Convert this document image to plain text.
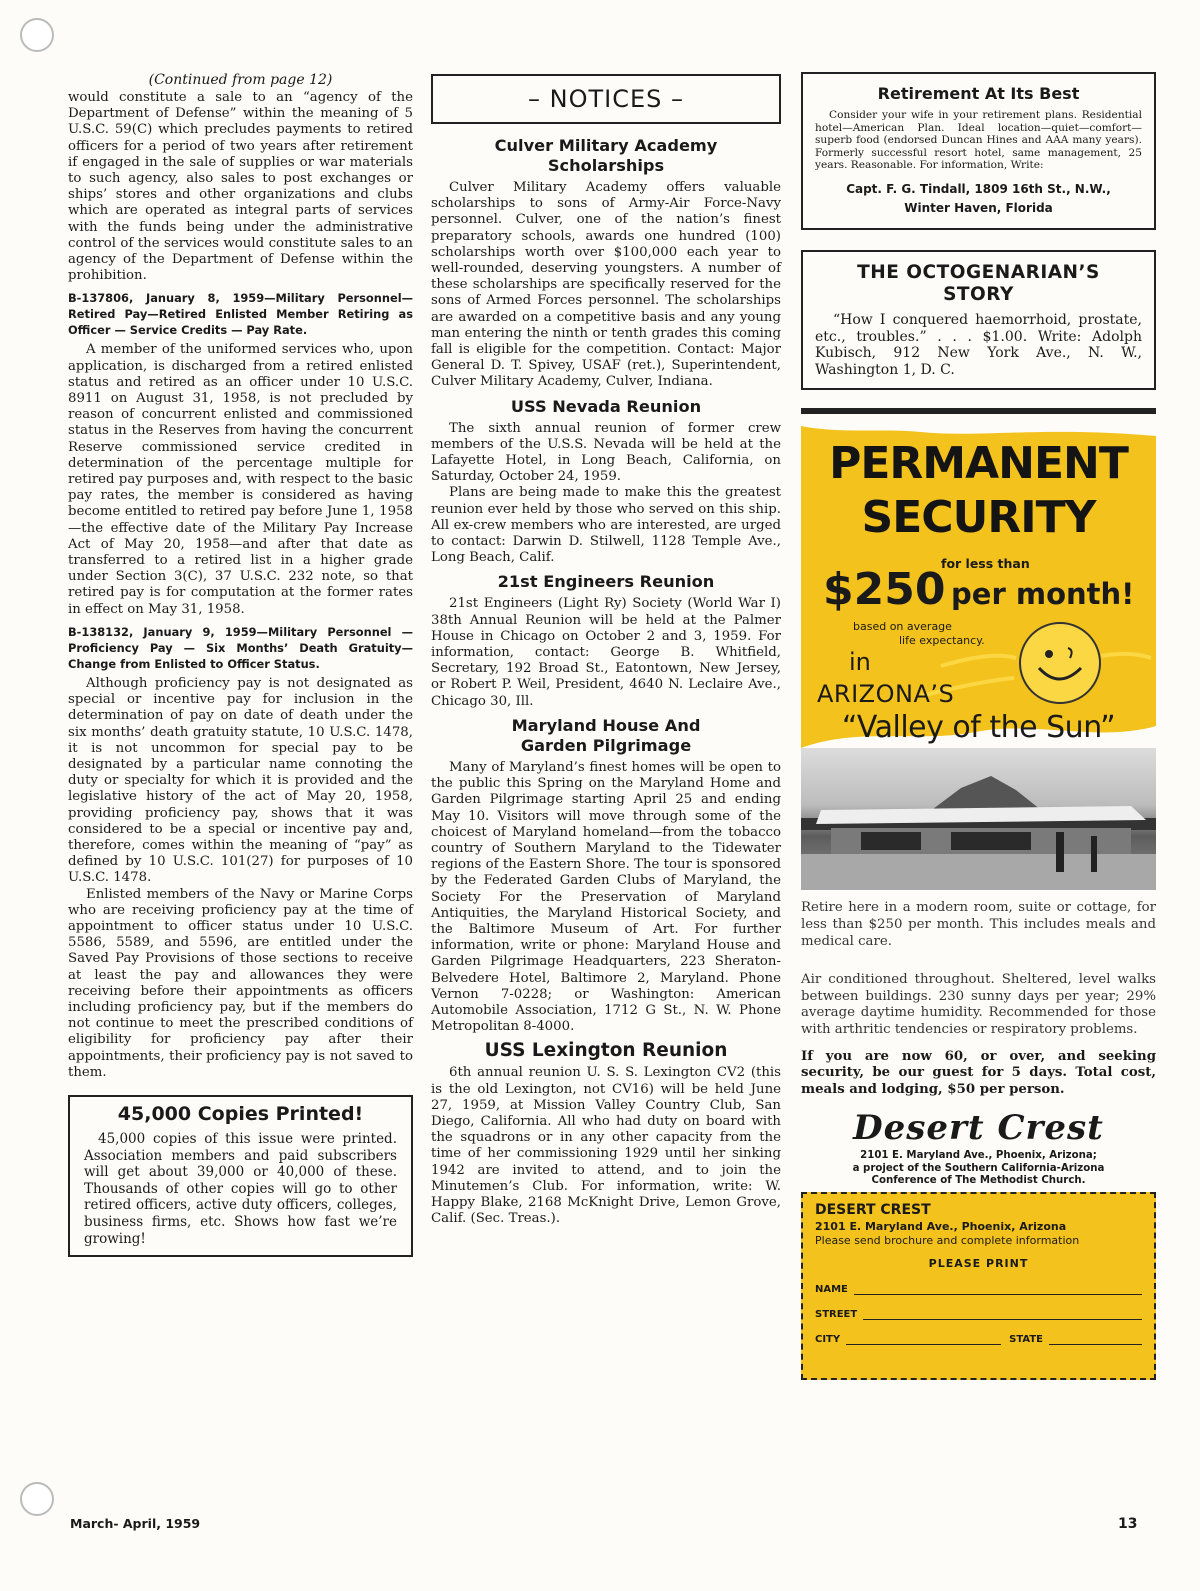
(Continued from page 12)

would constitute a sale to an “agency of the Department of Defense” within the meaning of 5 U.S.C. 59(C) which precludes payments to retired officers for a period of two years after retirement if engaged in the sale of supplies or war materials to such agency, also sales to post exchanges or ships’ stores and other organizations and clubs which are operated as integral parts of services with the funds being under the administrative control of the services would constitute sales to an agency of the Department of Defense within the prohibition.

B-137806, January 8, 1959—Military Personnel—Retired Pay—Retired Enlisted Member Retiring as Officer — Service Credits — Pay Rate.

A member of the uniformed services who, upon application, is discharged from a retired enlisted status and retired as an officer under 10 U.S.C. 8911 on August 31, 1958, is not precluded by reason of concurrent enlisted and commissioned status in the Reserves from having the concurrent Reserve commissioned service credited in determination of the percentage multiple for retired pay purposes and, with respect to the basic pay rates, the member is considered as having become entitled to retired pay before June 1, 1958—the effective date of the Military Pay Increase Act of May 20, 1958—and after that date as transferred to a retired list in a higher grade under Section 3(C), 37 U.S.C. 232 note, so that retired pay is for computation at the former rates in effect on May 31, 1958.

B-138132, January 9, 1959—Military Personnel — Proficiency Pay — Six Months’ Death Gratuity—Change from Enlisted to Officer Status.

Although proficiency pay is not designated as special or incentive pay for inclusion in the determination of pay on date of death under the six months’ death gratuity statute, 10 U.S.C. 1478, it is not uncommon for special pay to be designated by a particular name connoting the duty or specialty for which it is provided and the legislative history of the act of May 20, 1958, providing proficiency pay, shows that it was considered to be a special or incentive pay and, therefore, comes within the meaning of “pay” as defined by 10 U.S.C. 101(27) for purposes of 10 U.S.C. 1478.

Enlisted members of the Navy or Marine Corps who are receiving proficiency pay at the time of appointment to officer status under 10 U.S.C. 5586, 5589, and 5596, are entitled under the Saved Pay Provisions of those sections to receive at least the pay and allowances they were receiving before their appointments as officers including proficiency pay, but if the members do not continue to meet the prescribed conditions of eligibility for proficiency pay after their appointments, their proficiency pay is not saved to them.

45,000 Copies Printed!

45,000 copies of this issue were printed. Association members and paid subscribers will get about 39,000 or 40,000 of these. Thousands of other copies will go to other retired officers, active duty officers, colleges, business firms, etc. Shows how fast we’re growing!

– NOTICES –
Culver Military Academy Scholarships

Culver Military Academy offers valuable scholarships to sons of Army-Air Force-Navy personnel. Culver, one of the nation’s finest preparatory schools, awards one hundred (100) scholarships worth over $100,000 each year to well-rounded, deserving youngsters. A number of these scholarships are specifically reserved for the sons of Armed Forces personnel. The scholarships are awarded on a competitive basis and any young man entering the ninth or tenth grades this coming fall is eligible for the competition. Contact: Major General D. T. Spivey, USAF (ret.), Superintendent, Culver Military Academy, Culver, Indiana.

USS Nevada Reunion

The sixth annual reunion of former crew members of the U.S.S. Nevada will be held at the Lafayette Hotel, in Long Beach, California, on Saturday, October 24, 1959.

Plans are being made to make this the greatest reunion ever held by those who served on this ship. All ex-crew members who are interested, are urged to contact: Darwin D. Stilwell, 1128 Temple Ave., Long Beach, Calif.

21st Engineers Reunion

21st Engineers (Light Ry) Society (World War I) 38th Annual Reunion will be held at the Palmer House in Chicago on October 2 and 3, 1959. For information, contact: George B. Whitfield, Secretary, 192 Broad St., Eatontown, New Jersey, or Robert P. Weil, President, 4640 N. Leclaire Ave., Chicago 30, Ill.

Maryland House And Garden Pilgrimage

Many of Maryland’s finest homes will be open to the public this Spring on the Maryland Home and Garden Pilgrimage starting April 25 and ending May 10. Visitors will move through some of the choicest of Maryland homeland—from the tobacco country of Southern Maryland to the Tidewater regions of the Eastern Shore. The tour is sponsored by the Federated Garden Clubs of Maryland, the Society For the Preservation of Maryland Antiquities, the Maryland Historical Society, and the Baltimore Museum of Art. For further information, write or phone: Maryland House and Garden Pilgrimage Headquarters, 223 Sheraton-Belvedere Hotel, Baltimore 2, Maryland. Phone Vernon 7-0228; or Washington: American Automobile Association, 1712 G St., N. W. Phone Metropolitan 8-4000.

USS Lexington Reunion

6th annual reunion U. S. S. Lexington CV2 (this is the old Lexington, not CV16) will be held June 27, 1959, at Mission Valley Country Club, San Diego, California. All who had duty on board with the squadrons or in any other capacity from the time of her commissioning 1929 until her sinking 1942 are invited to attend, and to join the Minutemen’s Club. For information, write: W. Happy Blake, 2168 McKnight Drive, Lemon Grove, Calif. (Sec. Treas.).

Retirement At Its Best

Consider your wife in your retirement plans. Residential hotel—American Plan. Ideal location—quiet—comfort—superb food (endorsed Duncan Hines and AAA many years). Formerly successful resort hotel, same management, 25 years. Reasonable. For information, Write:

Capt. F. G. Tindall, 1809 16th St., N.W.,
Winter Haven, Florida
THE OCTOGENARIAN’S
STORY

“How I conquered haemorrhoid, prostate, etc., troubles.” . . . $1.00. Write: Adolph Kubisch, 912 New York Ave., N. W., Washington 1, D. C.

PERMANENT
SECURITY
for less than
$250 per month!
based on average
life expectancy.
in
ARIZONA’S
“Valley of the Sun”
Retire here in a modern room, suite or cottage, for less than $250 per month. This includes meals and medical care.
Air conditioned throughout. Sheltered, level walks between buildings. 230 sunny days per year; 29% average daytime humidity. Recommended for those with arthritic tendencies or respiratory problems.
If you are now 60, or over, and seeking security, be our guest for 5 days. Total cost, meals and lodging, $50 per person.
Desert Crest
2101 E. Maryland Ave., Phoenix, Arizona;
a project of the Southern California-Arizona
Conference of The Methodist Church.
DESERT CREST
2101 E. Maryland Ave., Phoenix, Arizona
Please send brochure and complete information
PLEASE PRINT
NAME
STREET
CITY	STATE
March- April, 1959	13
